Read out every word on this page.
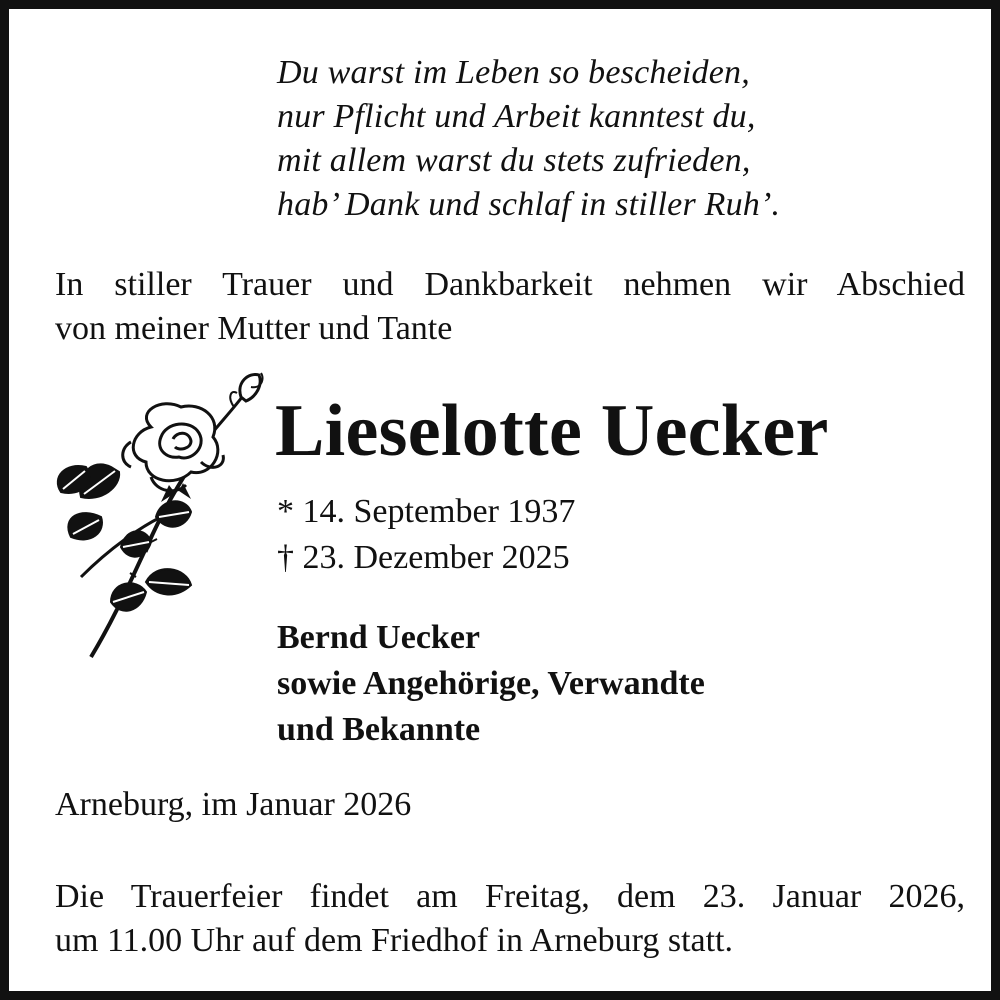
Du warst im Leben so bescheiden,
nur Pflicht und Arbeit kanntest du,
mit allem warst du stets zufrieden,
hab’ Dank und schlaf in stiller Ruh’.
In stiller Trauer und Dankbarkeit nehmen wir Abschied
von meiner Mutter und Tante
Lieselotte Uecker
* 14. September 1937
† 23. Dezember 2025
Bernd Uecker
sowie Angehörige, Verwandte
und Bekannte
Arneburg, im Januar 2026
Die Trauerfeier findet am Freitag, dem 23. Januar 2026,
um 11.00 Uhr auf dem Friedhof in Arneburg statt.
